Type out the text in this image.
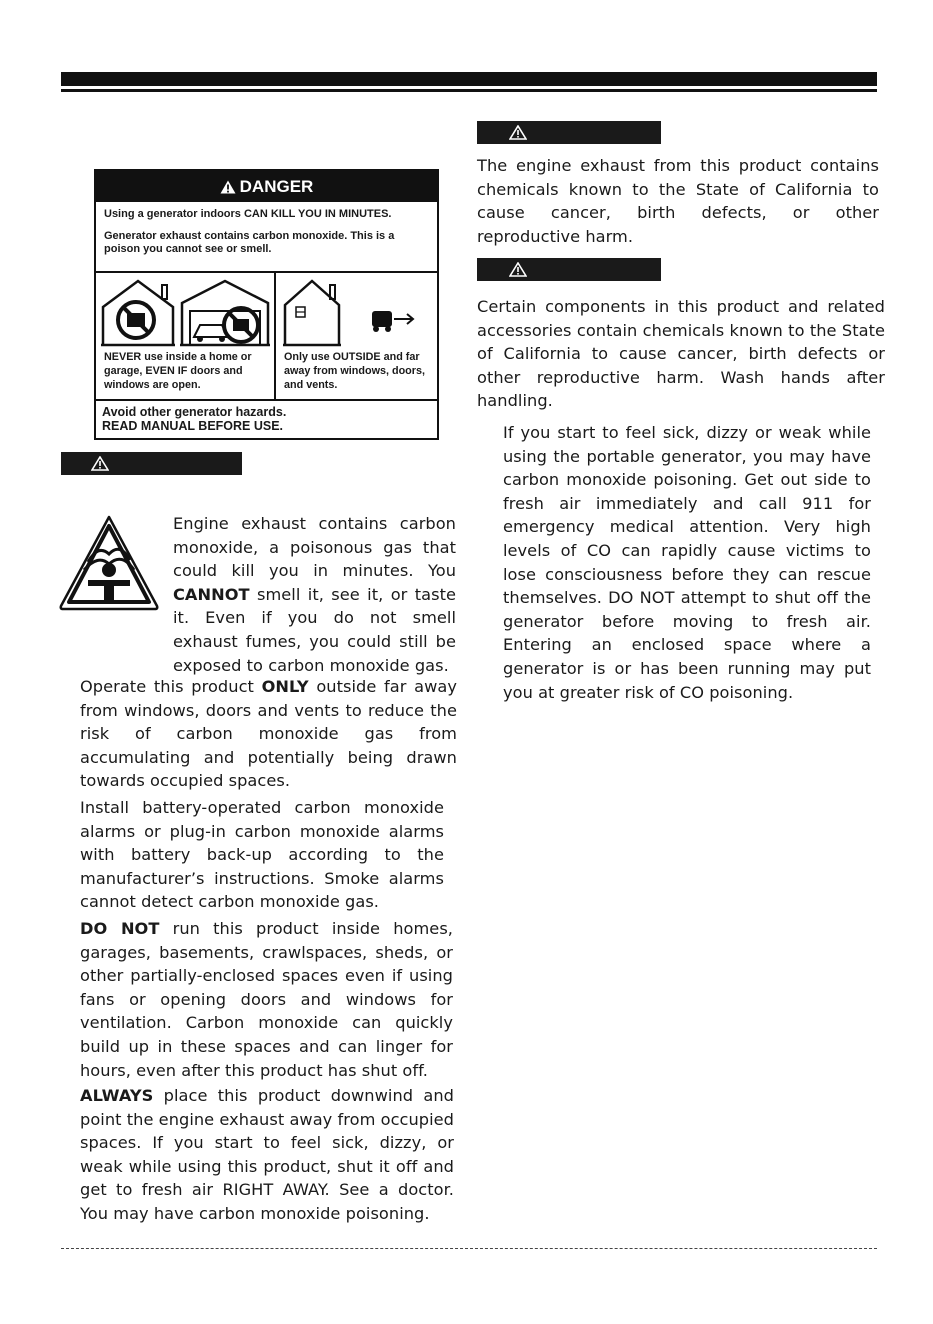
DANGER

Using a generator indoors CAN KILL YOU IN MINUTES.

Generator exhaust contains carbon monoxide. This is a poison you cannot see or smell.

NEVER use inside a home or garage, EVEN IF doors and windows are open.
Only use OUTSIDE and far away from windows, doors, and vents.
Avoid other generator hazards.
READ MANUAL BEFORE USE.

Engine exhaust contains carbon monoxide, a poisonous gas that could kill you in minutes. You CANNOT smell it, see it, or taste it. Even if you do not smell exhaust fumes, you could still be exposed to carbon monoxide gas.

Operate this product ONLY outside far away from windows, doors and vents to reduce the risk of carbon monoxide gas from accumulating and potentially being drawn towards occupied spaces.

Install battery-operated carbon monoxide alarms or plug-in carbon monoxide alarms with battery back-up according to the manufacturer’s instructions. Smoke alarms cannot detect carbon monoxide gas.

DO NOT run this product inside homes, garages, basements, crawlspaces, sheds, or other partially-enclosed spaces even if using fans or opening doors and windows for ventilation. Carbon monoxide can quickly build up in these spaces and can linger for hours, even after this product has shut off.

ALWAYS place this product downwind and point the engine exhaust away from occupied spaces. If you start to feel sick, dizzy, or weak while using this product, shut it off and get to fresh air RIGHT AWAY. See a doctor. You may have carbon monoxide poisoning.

The engine exhaust from this product contains chemicals known to the State of California to cause cancer, birth defects, or other reproductive harm.

Certain components in this product and related accessories contain chemicals known to the State of California to cause cancer, birth defects or other reproductive harm. Wash hands after handling.

If you start to feel sick, dizzy or weak while using the portable generator, you may have carbon monoxide poisoning. Get out side to fresh air immediately and call 911 for emergency medical attention. Very high levels of CO can rapidly cause victims to lose consciousness before they can rescue themselves. DO NOT attempt to shut off the generator before moving to fresh air. Entering an enclosed space where a generator is or has been running may put you at greater risk of CO poisoning.
